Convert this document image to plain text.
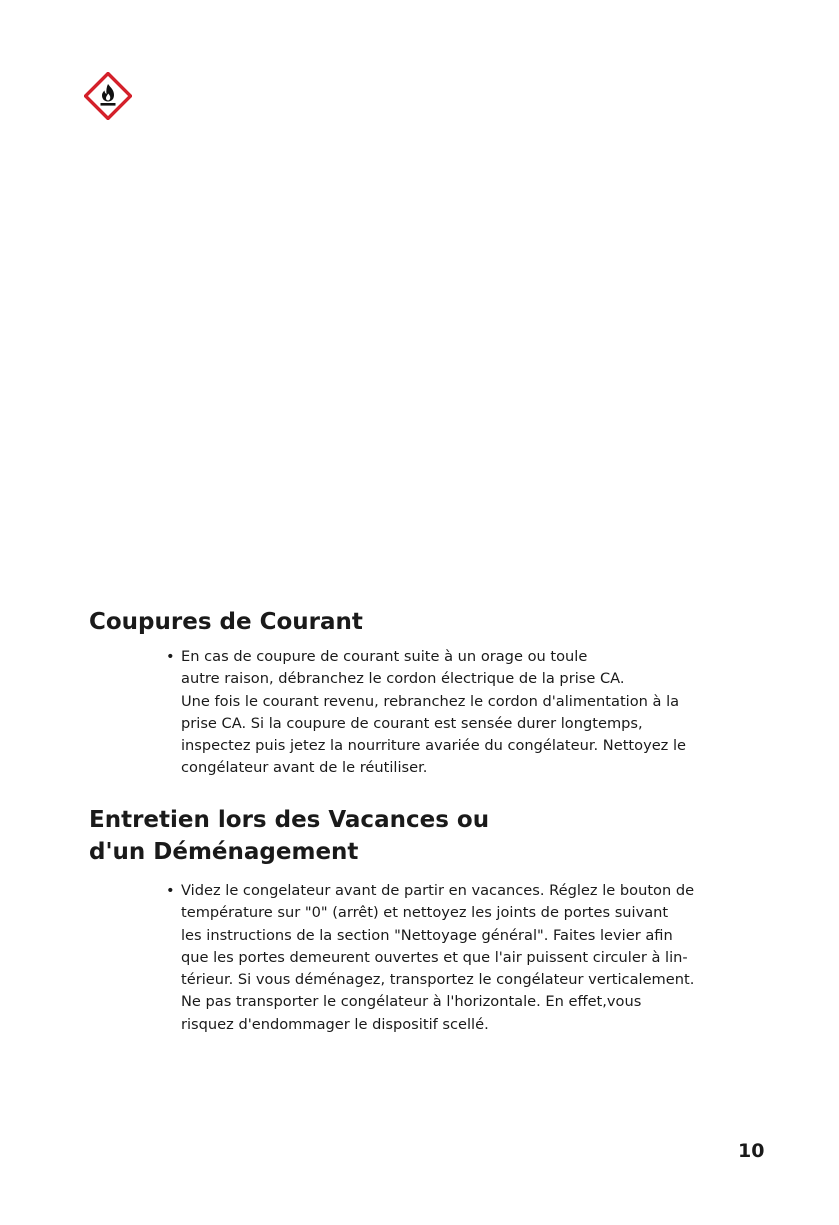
Coupures de Courant
• En cas de coupure de courant suite à un orage ou toule
autre raison, débranchez le cordon électrique de la prise CA.
Une fois le courant revenu, rebranchez le cordon d'alimentation à la
prise CA. Si la coupure de courant est sensée durer longtemps,
inspectez puis jetez la nourriture avariée du congélateur. Nettoyez le
congélateur avant de le réutiliser.
Entretien lors des Vacances ou
d'un Déménagement
• Videz le congelateur avant de partir en vacances. Réglez le bouton de
température sur "0" (arrêt) et nettoyez les joints de portes suivant
les instructions de la section "Nettoyage général". Faites levier afin
que les portes demeurent ouvertes et que l'air puissent circuler à lin-
térieur. Si vous déménagez, transportez le congélateur verticalement.
Ne pas transporter le congélateur à l'horizontale. En effet,vous
risquez d'endommager le dispositif scellé.
10
